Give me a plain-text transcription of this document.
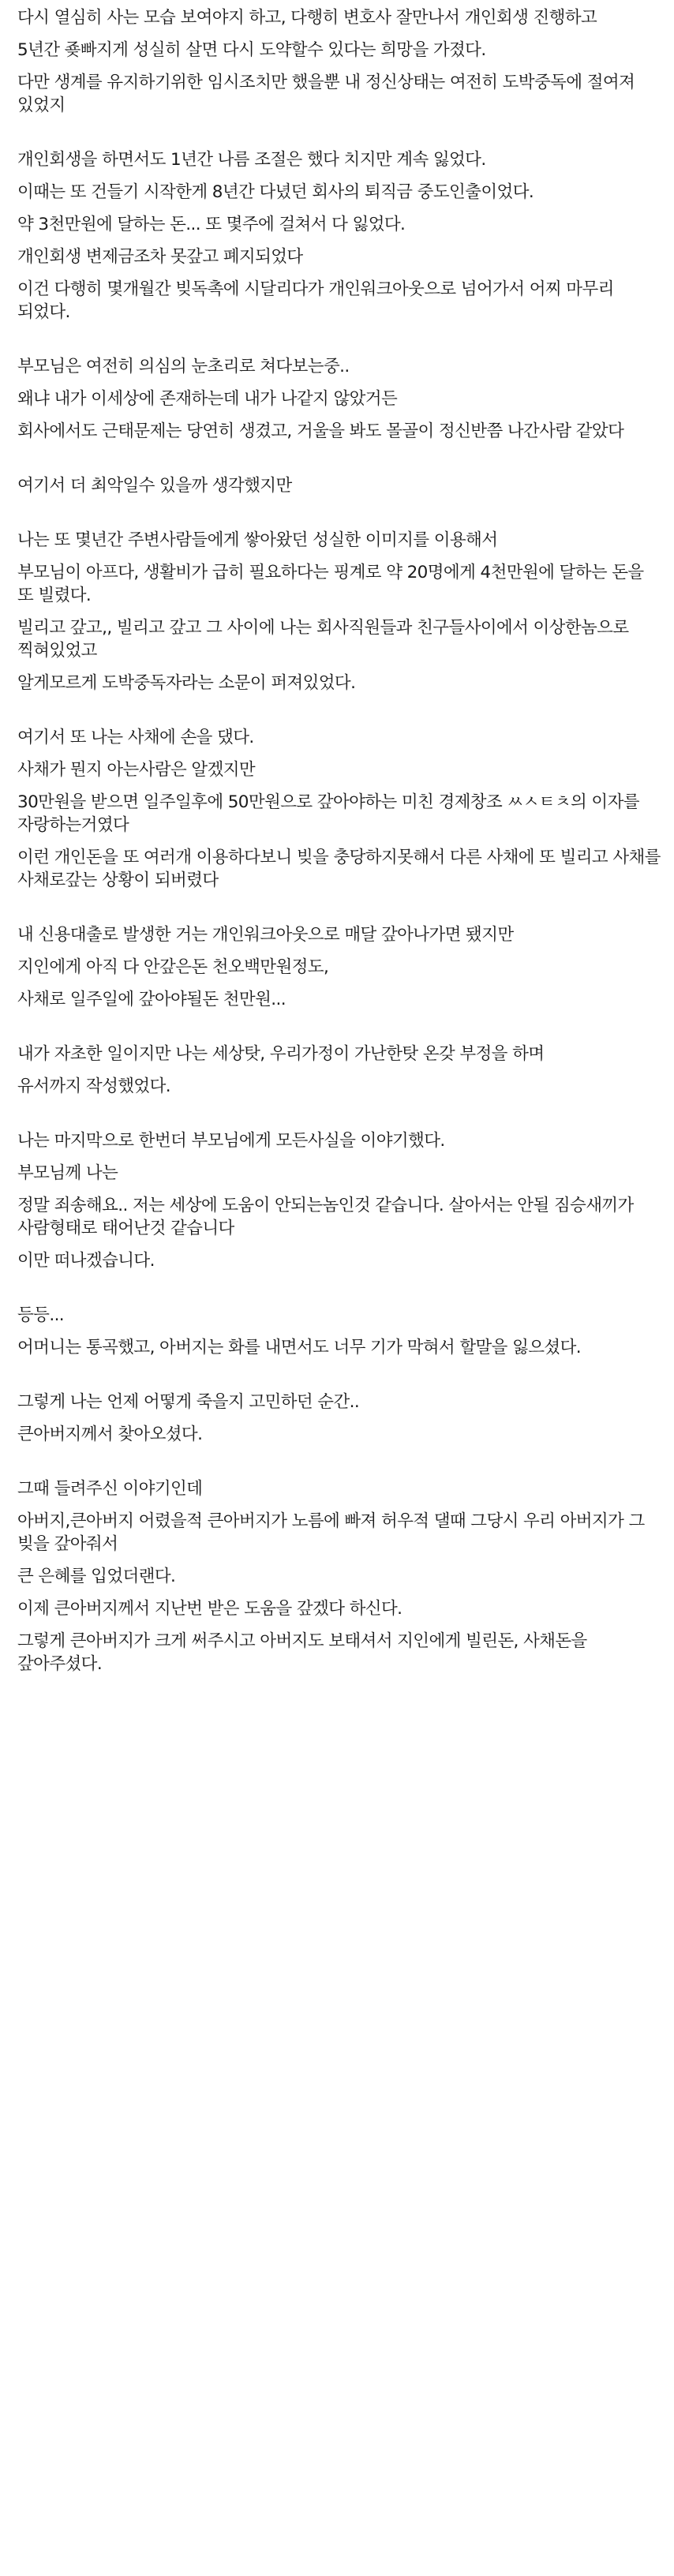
다시 열심히 사는 모습 보여야지 하고, 다행히 변호사 잘만나서 개인회생 진행하고
5년간 죶빠지게 성실히 살면 다시 도약할수 있다는 희망을 가졌다.
다만 생계를 유지하기위한 임시조치만 했을뿐 내 정신상태는 여전히 도박중독에 절여져 있었지
개인회생을 하면서도 1년간 나름 조절은 했다 치지만 계속 잃었다.
이때는 또 건들기 시작한게 8년간 다녔던 회사의 퇴직금 중도인출이었다.
약 3천만원에 달하는 돈... 또 몇주에 걸쳐서 다 잃었다.
개인회생 변제금조차 못갚고 폐지되었다
이건 다행히 몇개월간 빚독촉에 시달리다가 개인워크아웃으로 넘어가서 어찌 마무리 되었다.
부모님은 여전히 의심의 눈초리로 쳐다보는중..
왜냐 내가 이세상에 존재하는데 내가 나같지 않았거든
회사에서도 근태문제는 당연히 생겼고, 거울을 봐도 몰골이 정신반쯤 나간사람 같았다
여기서 더 최악일수 있을까 생각했지만
나는 또 몇년간 주변사람들에게 쌓아왔던 성실한 이미지를 이용해서
부모님이 아프다, 생활비가 급히 필요하다는 핑계로 약 20명에게 4천만원에 달하는 돈을 또 빌렸다.
빌리고 갚고,, 빌리고 갚고 그 사이에 나는 회사직원들과 친구들사이에서 이상한놈으로 찍혀있었고
알게모르게 도박중독자라는 소문이 퍼져있었다.
여기서 또 나는 사채에 손을 댔다.
사채가 뭔지 아는사람은 알겠지만
30만원을 받으면 일주일후에 50만원으로 갚아야하는 미친 경제창조 ㅆㅅㅌㅊ의 이자를 자랑하는거였다
이런 개인돈을 또 여러개 이용하다보니 빚을 충당하지못해서 다른 사채에 또 빌리고 사채를 사채로갚는 상황이 되버렸다
내 신용대출로 발생한 거는 개인워크아웃으로 매달 갚아나가면 됐지만
지인에게 아직 다 안갚은돈 천오백만원정도,
사채로 일주일에 갚아야될돈 천만원...
내가 자초한 일이지만 나는 세상탓, 우리가정이 가난한탓 온갖 부정을 하며
유서까지 작성했었다.
나는 마지막으로 한번더 부모님에게 모든사실을 이야기했다.
부모님께 나는
정말 죄송해요.. 저는 세상에 도움이 안되는놈인것 같습니다. 살아서는 안될 짐승새끼가 사람형태로 태어난것 같습니다
이만 떠나겠습니다.
등등...
어머니는 통곡했고, 아버지는 화를 내면서도 너무 기가 막혀서 할말을 잃으셨다.
그렇게 나는 언제 어떻게 죽을지 고민하던 순간..
큰아버지께서 찾아오셨다.
그때 들려주신 이야기인데
아버지,큰아버지 어렸을적 큰아버지가 노름에 빠져 허우적 댈때 그당시 우리 아버지가 그 빚을 갚아줘서
큰 은혜를 입었더랜다.
이제 큰아버지께서 지난번 받은 도움을 갚겠다 하신다.
그렇게 큰아버지가 크게 써주시고 아버지도 보태셔서 지인에게 빌린돈, 사채돈을 갚아주셨다.
